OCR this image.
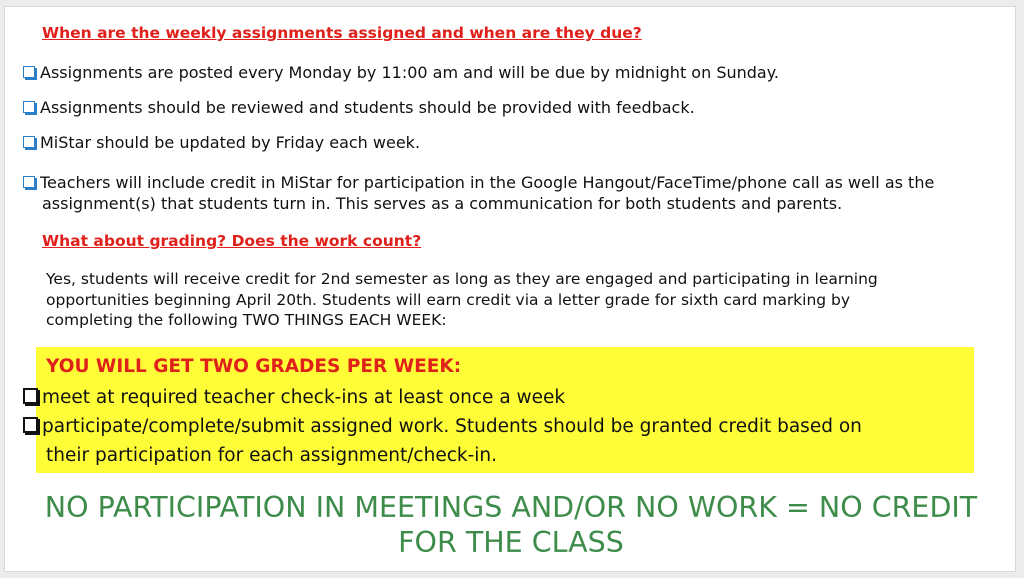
When are the weekly assignments assigned and when are they due?
Assignments are posted every Monday by 11:00 am and will be due by midnight on Sunday.
Assignments should be reviewed and students should be provided with feedback.
MiStar should be updated by Friday each week.
Teachers will include credit in MiStar for participation in the Google Hangout/FaceTime/phone call as well as the
assignment(s) that students turn in. This serves as a communication for both students and parents.
What about grading? Does the work count?
Yes, students will receive credit for 2nd semester as long as they are engaged and participating in learning
opportunities beginning April 20th. Students will earn credit via a letter grade for sixth card marking by
completing the following TWO THINGS EACH WEEK:
YOU WILL GET TWO GRADES PER WEEK:
meet at required teacher check-ins at least once a week
participate/complete/submit assigned work. Students should be granted credit based on
their participation for each assignment/check-in.
NO PARTICIPATION IN MEETINGS AND/OR NO WORK = NO CREDIT
FOR THE CLASS
